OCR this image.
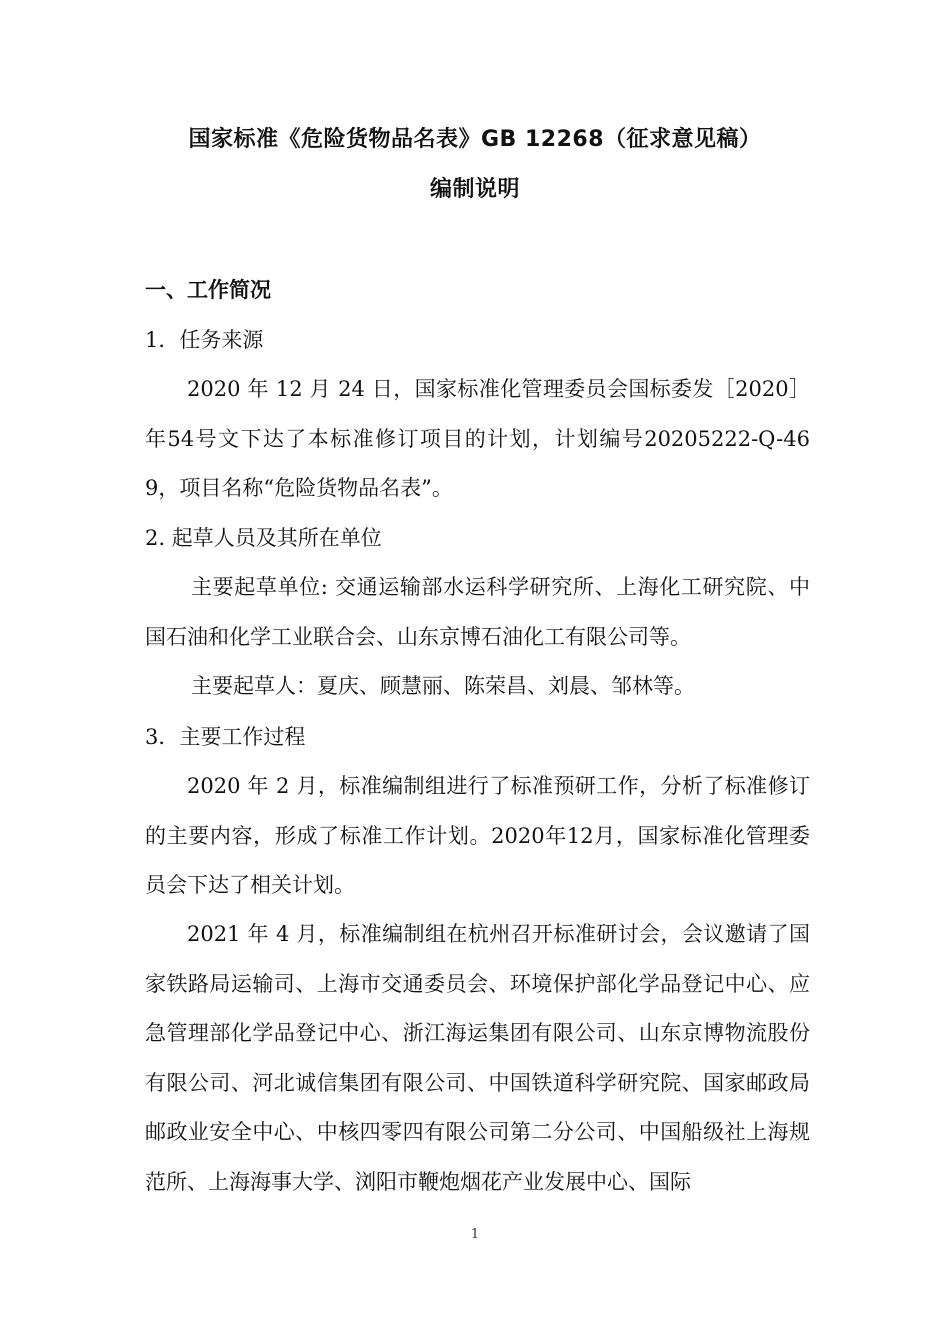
国家标准《危险货物品名表》GB 12268（征求意见稿）
编制说明
一、工作简况
1．任务来源
2020 年 12 月 24 日，国家标准化管理委员会国标委发［2020］年54号文下达了本标准修订项目的计划，计划编号20205222-Q-469，项目名称“危险货物品名表”。
2. 起草人员及其所在单位
主要起草单位: 交通运输部水运科学研究所、上海化工研究院、中国石油和化学工业联合会、山东京博石油化工有限公司等。
主要起草人：夏庆、顾慧丽、陈荣昌、刘晨、邹林等。
3．主要工作过程
2020 年 2 月，标准编制组进行了标准预研工作，分析了标准修订的主要内容，形成了标准工作计划。2020年12月，国家标准化管理委员会下达了相关计划。
2021 年 4 月，标准编制组在杭州召开标准研讨会，会议邀请了国家铁路局运输司、上海市交通委员会、环境保护部化学品登记中心、应急管理部化学品登记中心、浙江海运集团有限公司、山东京博物流股份有限公司、河北诚信集团有限公司、中国铁道科学研究院、国家邮政局邮政业安全中心、中核四零四有限公司第二分公司、中国船级社上海规范所、上海海事大学、浏阳市鞭炮烟花产业发展中心、国际
1
